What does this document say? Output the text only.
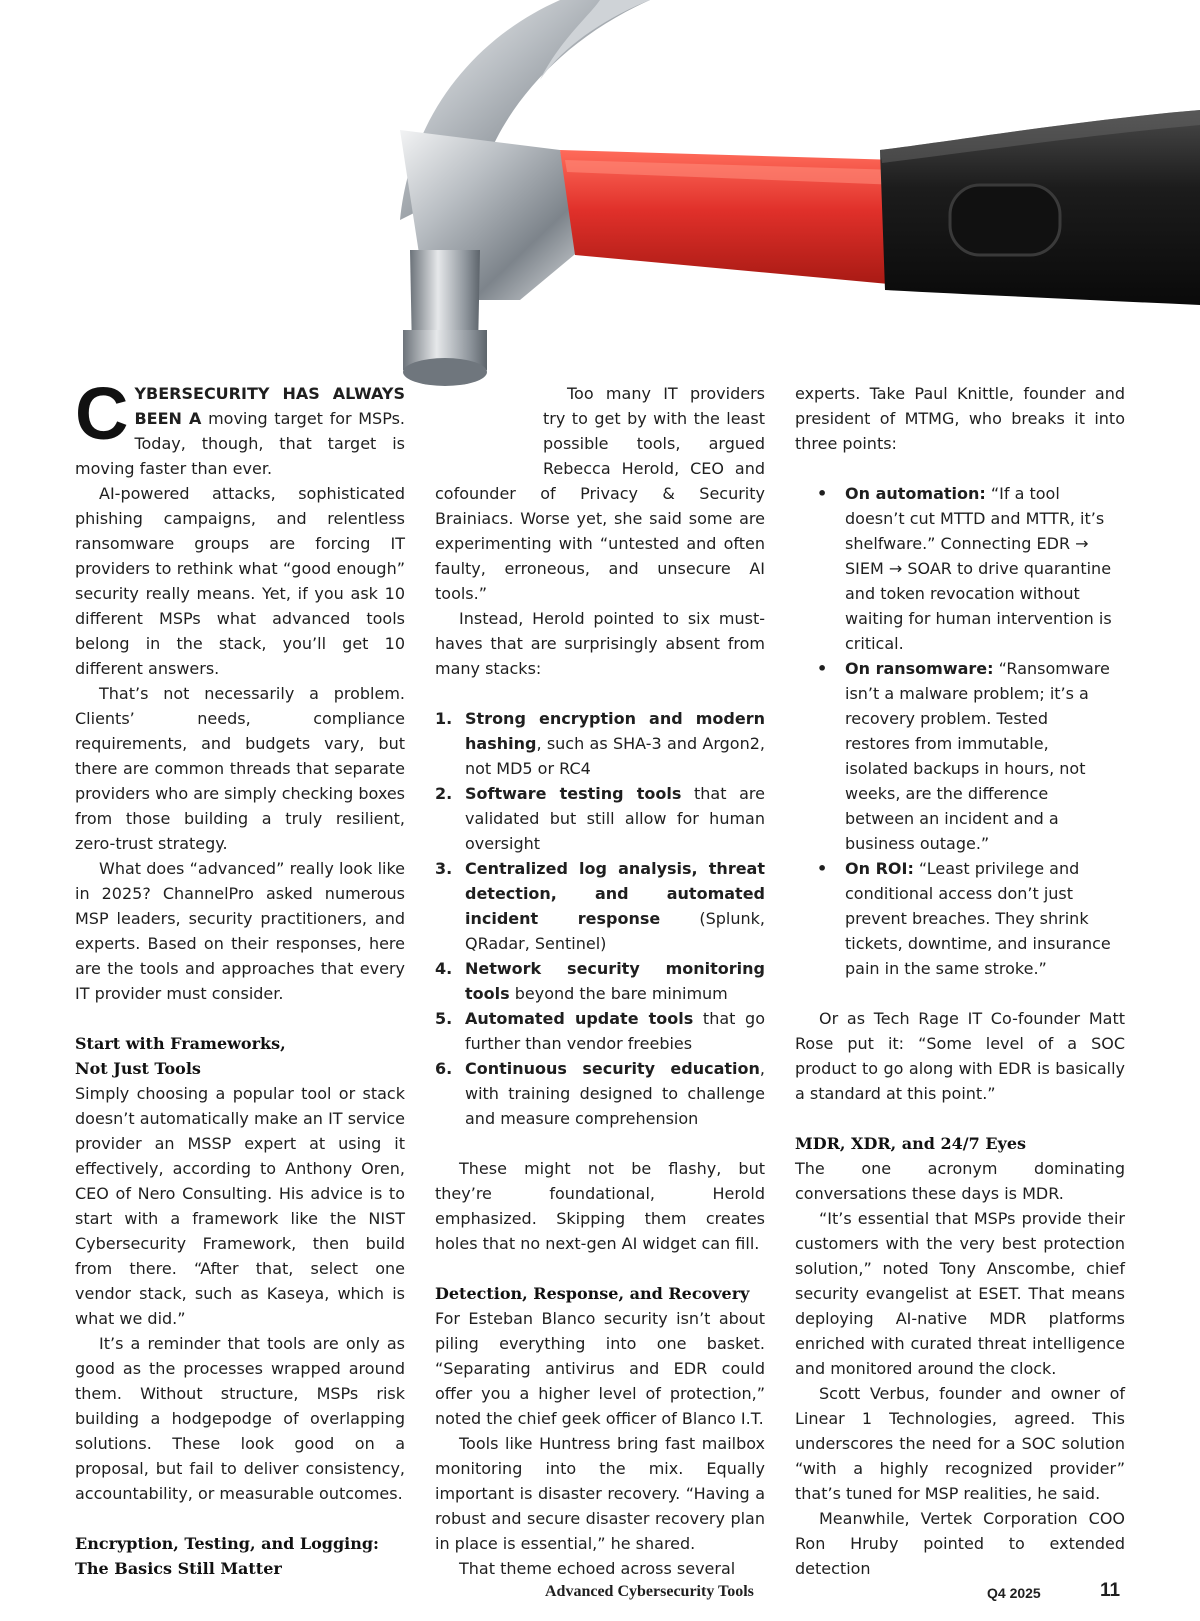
CYBERSECURITY HAS ALWAYS BEEN A moving target for MSPs. Today, though, that target is moving faster than ever.

AI-powered attacks, sophisticated phishing campaigns, and relentless ransomware groups are forcing IT providers to rethink what “good enough” security really means. Yet, if you ask 10 different MSPs what advanced tools belong in the stack, you’ll get 10 different answers.

That’s not necessarily a problem. Clients’ needs, compliance requirements, and budgets vary, but there are common threads that separate providers who are simply checking boxes from those building a truly resilient, zero-trust strategy.

What does “advanced” really look like in 2025? ChannelPro asked numerous MSP leaders, security practitioners, and experts. Based on their responses, here are the tools and approaches that every IT provider must consider.

Start with Frameworks,
Not Just Tools

Simply choosing a popular tool or stack doesn’t automatically make an IT service provider an MSSP expert at using it effectively, according to Anthony Oren, CEO of Nero Consulting. His advice is to start with a framework like the NIST Cybersecurity Framework, then build from there. “After that, select one vendor stack, such as Kaseya, which is what we did.”

It’s a reminder that tools are only as good as the processes wrapped around them. Without structure, MSPs risk building a hodgepodge of overlapping solutions. These look good on a proposal, but fail to deliver consistency, accountability, or measurable outcomes.

Encryption, Testing, and Logging:
The Basics Still Matter

Too many IT providers try to get by with the least possible tools, argued Rebecca Herold, CEO and cofounder of Privacy & Security Brainiacs. Worse yet, she said some are experimenting with “untested and often faulty, erroneous, and unsecure AI tools.”

Instead, Herold pointed to six must-haves that are surprisingly absent from many stacks:

1. Strong encryption and modern hashing, such as SHA-3 and Argon2, not MD5 or RC4
2. Software testing tools that are validated but still allow for human oversight
3. Centralized log analysis, threat detection, and automated incident response (Splunk, QRadar, Sentinel)
4. Network security monitoring tools beyond the bare minimum
5. Automated update tools that go further than vendor freebies
6. Continuous security education, with training designed to challenge and measure comprehension

These might not be flashy, but they’re foundational, Herold emphasized. Skipping them creates holes that no next-gen AI widget can fill.

Detection, Response, and Recovery

For Esteban Blanco security isn’t about piling everything into one basket. “Separating antivirus and EDR could offer you a higher level of protection,” noted the chief geek officer of Blanco I.T.

Tools like Huntress bring fast mailbox monitoring into the mix. Equally important is disaster recovery. “Having a robust and secure disaster recovery plan in place is essential,” he shared.

That theme echoed across several

experts. Take Paul Knittle, founder and president of MTMG, who breaks it into three points:

• On automation: “If a tool doesn’t cut MTTD and MTTR, it’s shelfware.” Connecting EDR → SIEM → SOAR to drive quarantine and token revocation without waiting for human intervention is critical.
• On ransomware: “Ransomware isn’t a malware problem; it’s a recovery problem. Tested restores from immutable, isolated backups in hours, not weeks, are the difference between an incident and a business outage.”
• On ROI: “Least privilege and conditional access don’t just prevent breaches. They shrink tickets, downtime, and insurance pain in the same stroke.”

Or as Tech Rage IT Co-founder Matt Rose put it: “Some level of a SOC product to go along with EDR is basically a standard at this point.”

MDR, XDR, and 24/7 Eyes

The one acronym dominating conversations these days is MDR.

“It’s essential that MSPs provide their customers with the very best protection solution,” noted Tony Anscombe, chief security evangelist at ESET. That means deploying AI-native MDR platforms enriched with curated threat intelligence and monitored around the clock.

Scott Verbus, founder and owner of Linear 1 Technologies, agreed. This underscores the need for a SOC solution “with a highly recognized provider” that’s tuned for MSP realities, he said.

Meanwhile, Vertek Corporation COO Ron Hruby pointed to extended detection

Advanced Cybersecurity Tools	Q4 2025	11
